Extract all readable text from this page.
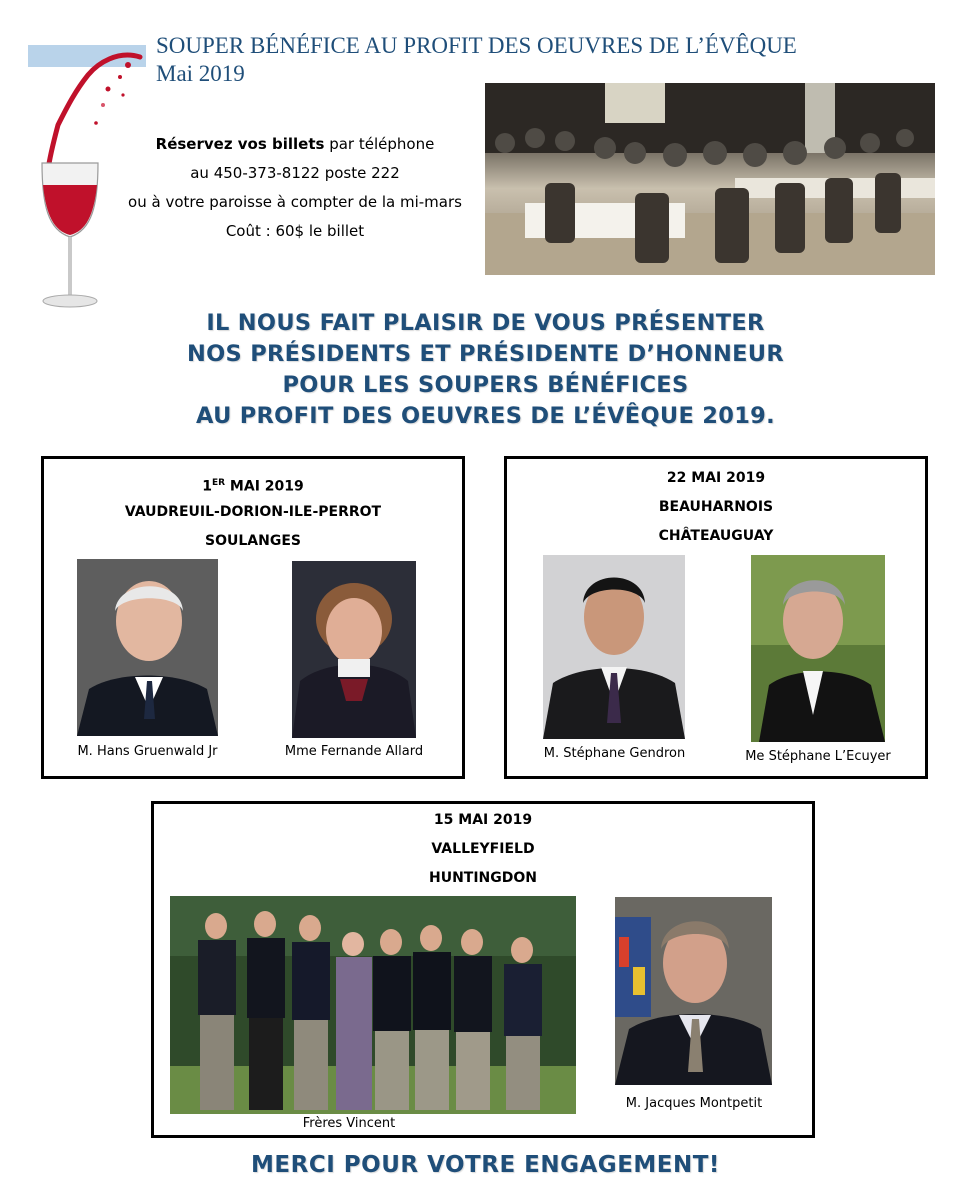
SOUPER BÉNÉFICE AU PROFIT DES OEUVRES DE L’ÉVÊQUE
Mai 2019
Réservez vos billets par téléphone
au 450-373-8122 poste 222
ou à votre paroisse à compter de la mi-mars
Coût : 60$ le billet
IL NOUS FAIT PLAISIR DE VOUS PRÉSENTER
NOS PRÉSIDENTS ET PRÉSIDENTE D’HONNEUR
POUR LES SOUPERS BÉNÉFICES
AU PROFIT DES OEUVRES DE L’ÉVÊQUE 2019.
1ER MAI 2019
VAUDREUIL-DORION-ILE-PERROT
SOULANGES
M. Hans Gruenwald Jr	Mme Fernande Allard
22 MAI 2019
BEAUHARNOIS
CHÂTEAUGUAY
M. Stéphane Gendron	Me Stéphane L’Ecuyer
15 MAI 2019
VALLEYFIELD
HUNTINGDON
Frères Vincent
M. Jacques Montpetit
MERCI POUR VOTRE ENGAGEMENT!
